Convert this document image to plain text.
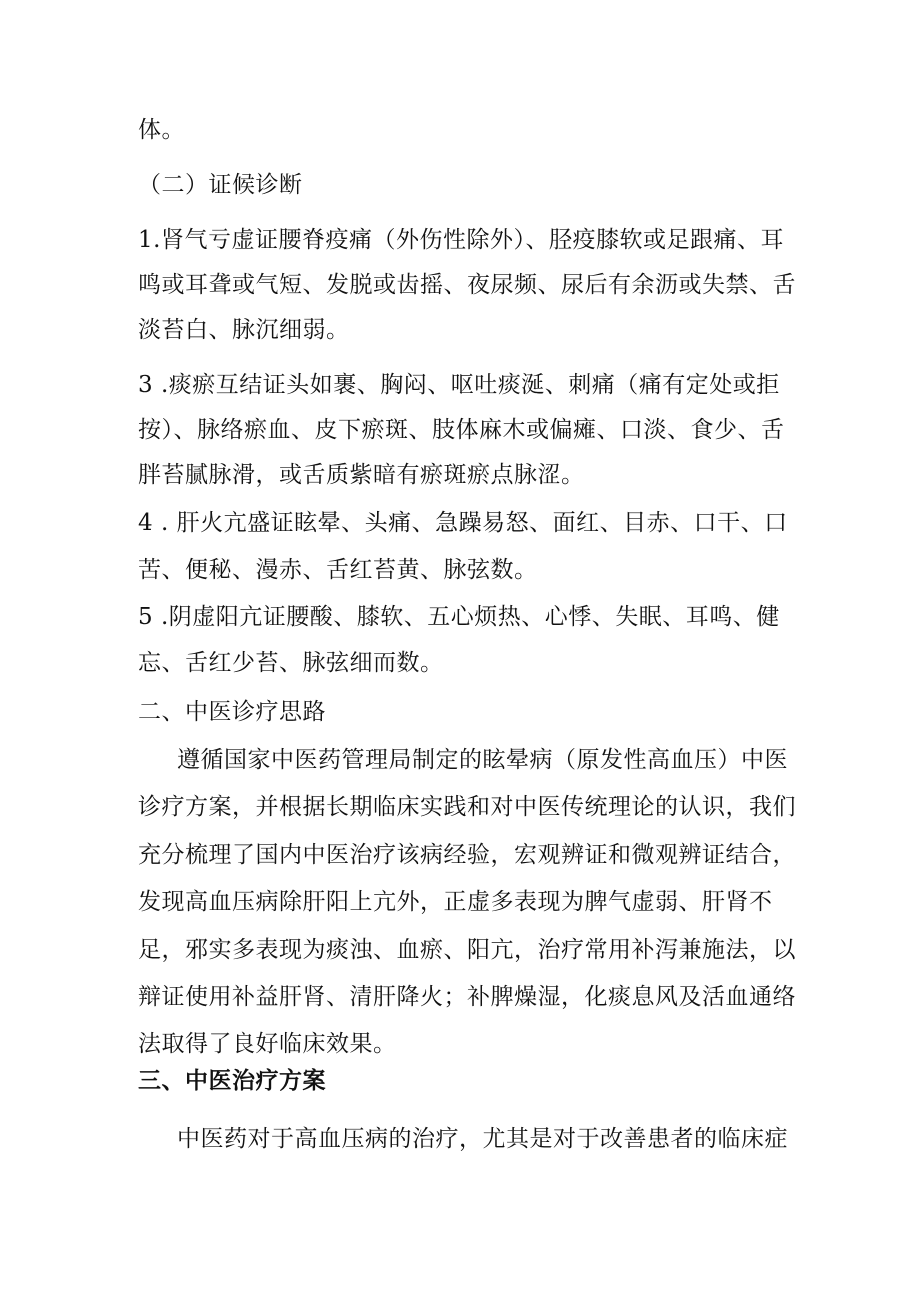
体。
（二）证候诊断
1.肾气亏虚证腰脊疫痛（外伤性除外）、胫疫膝软或足跟痛、耳
鸣或耳聋或气短、发脱或齿摇、夜尿频、尿后有余沥或失禁、舌
淡苔白、脉沉细弱。
3 .痰瘀互结证头如裹、胸闷、呕吐痰涎、刺痛（痛有定处或拒
按）、脉络瘀血、皮下瘀斑、肢体麻木或偏瘫、口淡、食少、舌
胖苔腻脉滑，或舌质紫暗有瘀斑瘀点脉涩。
4 . 肝火亢盛证眩晕、头痛、急躁易怒、面红、目赤、口干、口
苦、便秘、漫赤、舌红苔黄、脉弦数。
5 .阴虚阳亢证腰酸、膝软、五心烦热、心悸、失眠、耳鸣、健
忘、舌红少苔、脉弦细而数。
二、中医诊疗思路
遵循国家中医药管理局制定的眩晕病（原发性高血压）中医
诊疗方案，并根据长期临床实践和对中医传统理论的认识，我们
充分梳理了国内中医治疗该病经验，宏观辨证和微观辨证结合，
发现高血压病除肝阳上亢外，正虚多表现为脾气虚弱、肝肾不
足，邪实多表现为痰浊、血瘀、阳亢，治疗常用补泻兼施法，以
辩证使用补益肝肾、清肝降火；补脾燥湿，化痰息风及活血通络
法取得了良好临床效果。
三、中医治疗方案
中医药对于高血压病的治疗，尤其是对于改善患者的临床症
